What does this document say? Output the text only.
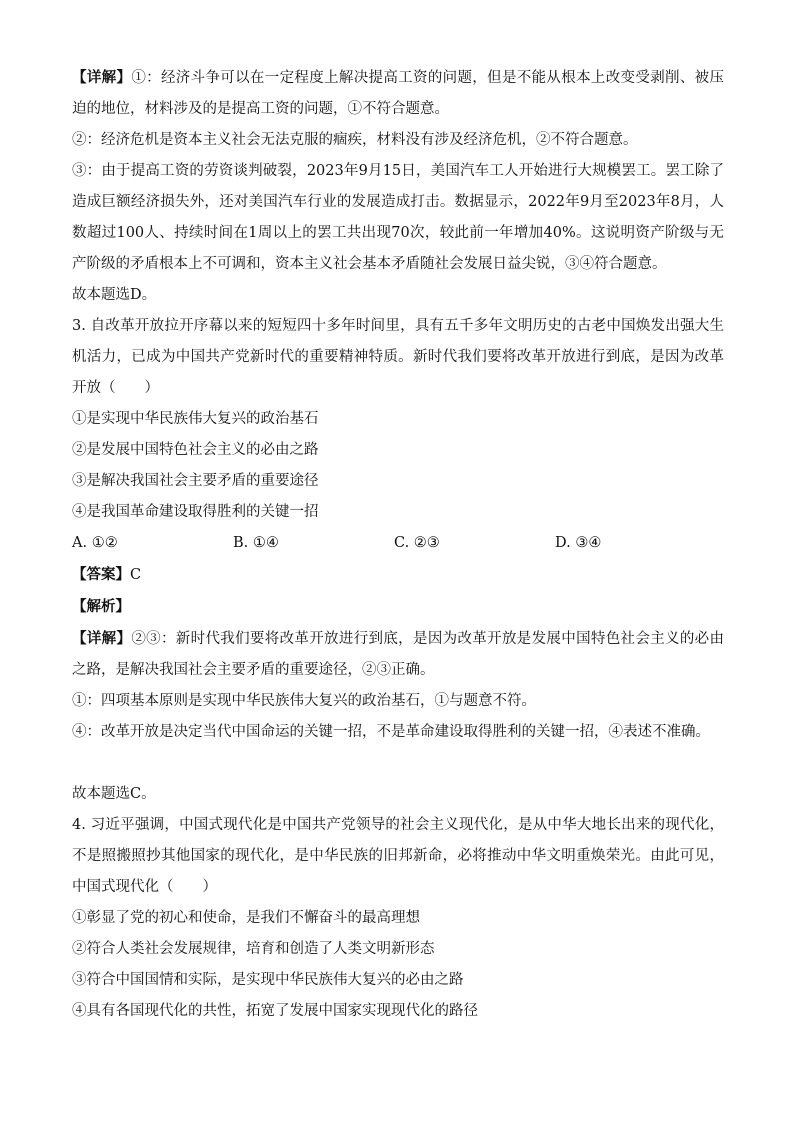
【详解】①：经济斗争可以在一定程度上解决提高工资的问题，但是不能从根本上改变受剥削、被压迫的地位，材料涉及的是提高工资的问题，①不符合题意。

②：经济危机是资本主义社会无法克服的痼疾，材料没有涉及经济危机，②不符合题意。

③：由于提高工资的劳资谈判破裂，2023年9月15日，美国汽车工人开始进行大规模罢工。罢工除了造成巨额经济损失外，还对美国汽车行业的发展造成打击。数据显示，2022年9月至2023年8月，人数超过100人、持续时间在1周以上的罢工共出现70次，较此前一年增加40%。这说明资产阶级与无产阶级的矛盾根本上不可调和，资本主义社会基本矛盾随社会发展日益尖锐，③④符合题意。

故本题选D。

3. 自改革开放拉开序幕以来的短短四十多年时间里，具有五千多年文明历史的古老中国焕发出强大生机活力，已成为中国共产党新时代的重要精神特质。新时代我们要将改革开放进行到底，是因为改革开放（　　）

①是实现中华民族伟大复兴的政治基石

②是发展中国特色社会主义的必由之路

③是解决我国社会主要矛盾的重要途径

④是我国革命建设取得胜利的关键一招

A. ①②	B. ①④	C. ②③	D. ③④

【答案】C

【解析】

【详解】②③：新时代我们要将改革开放进行到底，是因为改革开放是发展中国特色社会主义的必由之路，是解决我国社会主要矛盾的重要途径，②③正确。

①：四项基本原则是实现中华民族伟大复兴的政治基石，①与题意不符。

④：改革开放是决定当代中国命运的关键一招，不是革命建设取得胜利的关键一招，④表述不准确。

故本题选C。

4. 习近平强调，中国式现代化是中国共产党领导的社会主义现代化，是从中华大地长出来的现代化，不是照搬照抄其他国家的现代化，是中华民族的旧邦新命，必将推动中华文明重焕荣光。由此可见，中国式现代化（　　）

①彰显了党的初心和使命，是我们不懈奋斗的最高理想

②符合人类社会发展规律，培育和创造了人类文明新形态

③符合中国国情和实际，是实现中华民族伟大复兴的必由之路

④具有各国现代化的共性，拓宽了发展中国家实现现代化的路径
